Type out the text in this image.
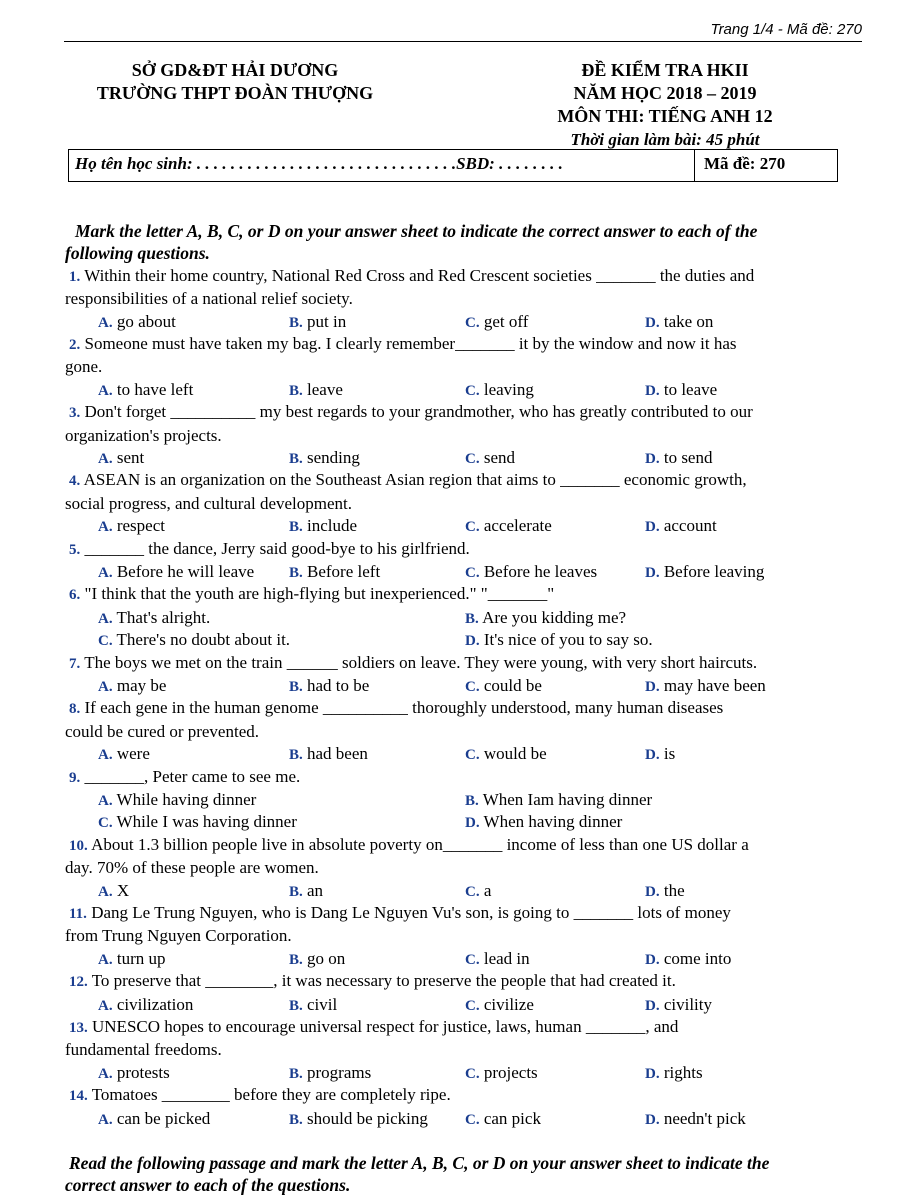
Trang 1/4 - Mã đề: 270
SỞ GD&ĐT HẢI DƯƠNG
TRƯỜNG THPT ĐOÀN THƯỢNG
ĐỀ KIỂM TRA HKII
NĂM HỌC 2018 – 2019
MÔN THI: TIẾNG ANH 12
Thời gian làm bài: 45 phút
Họ tên học sinh: . . . . . . . . . . . . . . . . . . . . . . . . . . . . . . .SBD: . . . . . . . .	Mã đề: 270
Mark the letter A, B, C, or D on your answer sheet to indicate the correct answer to each of the
following questions.
1. Within their home country, National Red Cross and Red Crescent societies _______ the duties and
responsibilities of a national relief society.
A. go about	B. put in	C. get off	D. take on
2. Someone must have taken my bag. I clearly remember_______ it by the window and now it has
gone.
A. to have left	B. leave	C. leaving	D. to leave
3. Don't forget __________ my best regards to your grandmother, who has greatly contributed to our
organization's projects.
A. sent	B. sending	C. send	D. to send
4. ASEAN is an organization on the Southeast Asian region that aims to _______ economic growth,
social progress, and cultural development.
A. respect	B. include	C. accelerate	D. account
5. _______ the dance, Jerry said good-bye to his girlfriend.
A. Before he will leave B. Before left	C. Before he leaves	D. Before leaving
6. "I think that the youth are high-flying but inexperienced." "_______"
A. That's alright.	B. Are you kidding me?
C. There's no doubt about it.	D. It's nice of you to say so.
7. The boys we met on the train ______ soldiers on leave. They were young, with very short haircuts.
A. may be	B. had to be	C. could be	D. may have been
8. If each gene in the human genome __________ thoroughly understood, many human diseases
could be cured or prevented.
A. were	B. had been	C. would be	D. is
9. _______, Peter came to see me.
A. While having dinner	B. When Iam having dinner
C. While I was having dinner	D. When having dinner
10. About 1.3 billion people live in absolute poverty on_______ income of less than one US dollar a
day. 70% of these people are women.
A. X	B. an	C. a	D. the
11. Dang Le Trung Nguyen, who is Dang Le Nguyen Vu's son, is going to _______ lots of money
from Trung Nguyen Corporation.
A. turn up	B. go on	C. lead in	D. come into
12. To preserve that ________, it was necessary to preserve the people that had created it.
A. civilization	B. civil	C. civilize	D. civility
13. UNESCO hopes to encourage universal respect for justice, laws, human _______, and
fundamental freedoms.
A. protests	B. programs	C. projects	D. rights
14. Tomatoes ________ before they are completely ripe.
A. can be picked	B. should be picking C. can pick	D. needn't pick
Read the following passage and mark the letter A, B, C, or D on your answer sheet to indicate the
correct answer to each of the questions.
